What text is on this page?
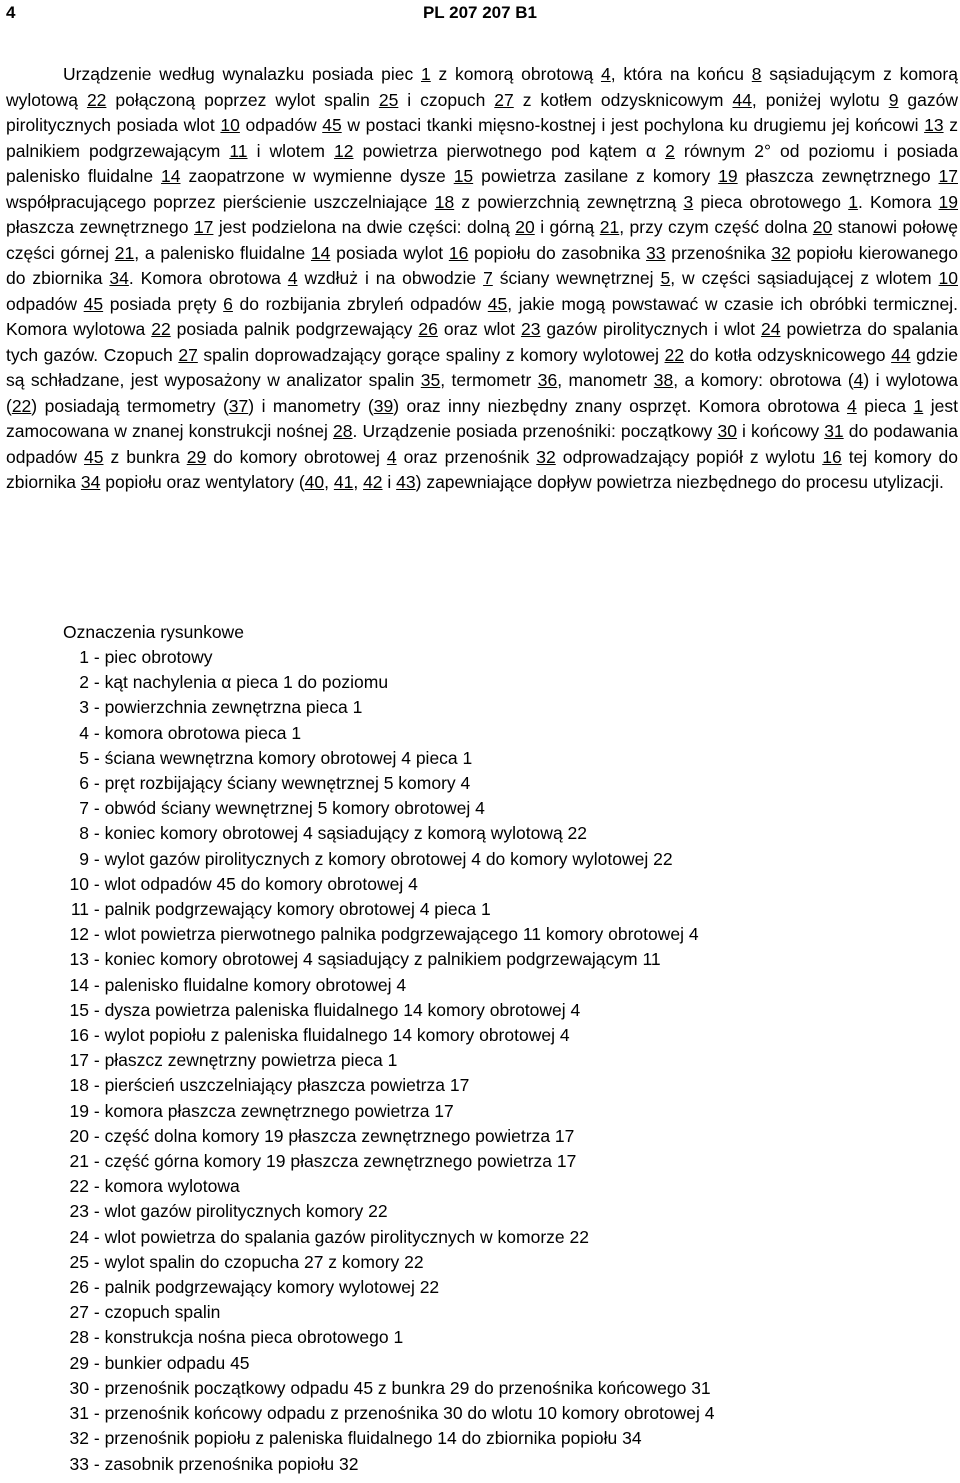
4	PL 207 207 B1

Urządzenie według wynalazku posiada piec 1 z komorą obrotową 4, która na końcu 8 sąsiadującym z komorą wylotową 22 połączoną poprzez wylot spalin 25 i czopuch 27 z kotłem odzysknicowym 44, poniżej wylotu 9 gazów pirolitycznych posiada wlot 10 odpadów 45 w postaci tkanki mięsno-kostnej i jest pochylona ku drugiemu jej końcowi 13 z palnikiem podgrzewającym 11 i wlotem 12 powietrza pierwotnego pod kątem α 2 równym 2° od poziomu i posiada palenisko fluidalne 14 zaopatrzone w wymienne dysze 15 powietrza zasilane z komory 19 płaszcza zewnętrznego 17 współpracującego poprzez pierścienie uszczelniające 18 z powierzchnią zewnętrzną 3 pieca obrotowego 1. Komora 19 płaszcza zewnętrznego 17 jest podzielona na dwie części: dolną 20 i górną 21, przy czym część dolna 20 stanowi połowę części górnej 21, a palenisko fluidalne 14 posiada wylot 16 popiołu do zasobnika 33 przenośnika 32 popiołu kierowanego do zbiornika 34. Komora obrotowa 4 wzdłuż i na obwodzie 7 ściany wewnętrznej 5, w części sąsiadującej z wlotem 10 odpadów 45 posiada pręty 6 do rozbijania zbryleń odpadów 45, jakie mogą powstawać w czasie ich obróbki termicznej. Komora wylotowa 22 posiada palnik podgrzewający 26 oraz wlot 23 gazów pirolitycznych i wlot 24 powietrza do spalania tych gazów. Czopuch 27 spalin doprowadzający gorące spaliny z komory wylotowej 22 do kotła odzysknicowego 44 gdzie są schładzane, jest wyposażony w analizator spalin 35, termometr 36, manometr 38, a komory: obrotowa (4) i wylotowa (22) posiadają termometry (37) i manometry (39) oraz inny niezbędny znany osprzęt. Komora obrotowa 4 pieca 1 jest zamocowana w znanej konstrukcji nośnej 28. Urządzenie posiada przenośniki: początkowy 30 i końcowy 31 do podawania odpadów 45 z bunkra 29 do komory obrotowej 4 oraz przenośnik 32 odprowadzający popiół z wylotu 16 tej komory do zbiornika 34 popiołu oraz wentylatory (40, 41, 42 i 43) zapewniające dopływ powietrza niezbędnego do procesu utylizacji.

Oznaczenia rysunkowe
1 - piec obrotowy
2 - kąt nachylenia α pieca 1 do poziomu
3 - powierzchnia zewnętrzna pieca 1
4 - komora obrotowa pieca 1
5 - ściana wewnętrzna komory obrotowej 4 pieca 1
6 - pręt rozbijający ściany wewnętrznej 5 komory 4
7 - obwód ściany wewnętrznej 5 komory obrotowej 4
8 - koniec komory obrotowej 4 sąsiadujący z komorą wylotową 22
9 - wylot gazów pirolitycznych z komory obrotowej 4 do komory wylotowej 22
10 - wlot odpadów 45 do komory obrotowej 4
11 - palnik podgrzewający komory obrotowej 4 pieca 1
12 - wlot powietrza pierwotnego palnika podgrzewającego 11 komory obrotowej 4
13 - koniec komory obrotowej 4 sąsiadujący z palnikiem podgrzewającym 11
14 - palenisko fluidalne komory obrotowej 4
15 - dysza powietrza paleniska fluidalnego 14 komory obrotowej 4
16 - wylot popiołu z paleniska fluidalnego 14 komory obrotowej 4
17 - płaszcz zewnętrzny powietrza pieca 1
18 - pierścień uszczelniający płaszcza powietrza 17
19 - komora płaszcza zewnętrznego powietrza 17
20 - część dolna komory 19 płaszcza zewnętrznego powietrza 17
21 - część górna komory 19 płaszcza zewnętrznego powietrza 17
22 - komora wylotowa
23 - wlot gazów pirolitycznych komory 22
24 - wlot powietrza do spalania gazów pirolitycznych w komorze 22
25 - wylot spalin do czopucha 27 z komory 22
26 - palnik podgrzewający komory wylotowej 22
27 - czopuch spalin
28 - konstrukcja nośna pieca obrotowego 1
29 - bunkier odpadu 45
30 - przenośnik początkowy odpadu 45 z bunkra 29 do przenośnika końcowego 31
31 - przenośnik końcowy odpadu z przenośnika 30 do wlotu 10 komory obrotowej 4
32 - przenośnik popiołu z paleniska fluidalnego 14 do zbiornika popiołu 34
33 - zasobnik przenośnika popiołu 32
